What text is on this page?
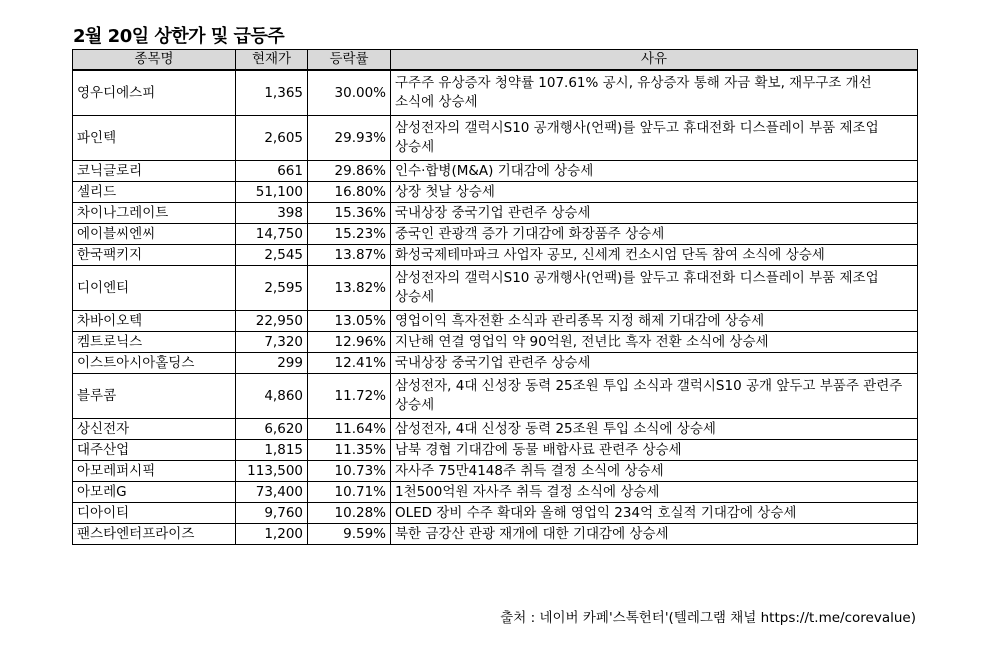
2월 20일 상한가 및 급등주
종목명	현재가	등락률	사유
영우디에스피	1,365	30.00%	구주주 유상증자 청약률 107.61% 공시, 유상증자 통해 자금 확보, 재무구조 개선 소식에 상승세
파인텍	2,605	29.93%	삼성전자의 갤럭시S10 공개행사(언팩)를 앞두고 휴대전화 디스플레이 부품 제조업 상승세
코닉글로리	661	29.86%	인수·합병(M&A) 기대감에 상승세
셀리드	51,100	16.80%	상장 첫날 상승세
차이나그레이트	398	15.36%	국내상장 중국기업 관련주 상승세
에이블씨엔씨	14,750	15.23%	중국인 관광객 증가 기대감에 화장품주 상승세
한국팩키지	2,545	13.87%	화성국제테마파크 사업자 공모, 신세계 컨소시엄 단독 참여 소식에 상승세
디이엔티	2,595	13.82%	삼성전자의 갤럭시S10 공개행사(언팩)를 앞두고 휴대전화 디스플레이 부품 제조업 상승세
차바이오텍	22,950	13.05%	영업이익 흑자전환 소식과 관리종목 지정 해제 기대감에 상승세
켐트로닉스	7,320	12.96%	지난해 연결 영업익 약 90억원, 전년比 흑자 전환 소식에 상승세
이스트아시아홀딩스	299	12.41%	국내상장 중국기업 관련주 상승세
블루콤	4,860	11.72%	삼성전자, 4대 신성장 동력 25조원 투입 소식과 갤럭시S10 공개 앞두고 부품주 관련주 상승세
상신전자	6,620	11.64%	삼성전자, 4대 신성장 동력 25조원 투입 소식에 상승세
대주산업	1,815	11.35%	남북 경협 기대감에 동물 배합사료 관련주 상승세
아모레퍼시픽	113,500	10.73%	자사주 75만4148주 취득 결정 소식에 상승세
아모레G	73,400	10.71%	1천500억원 자사주 취득 결정 소식에 상승세
디아이티	9,760	10.28%	OLED 장비 수주 확대와 올해 영업익 234억 호실적 기대감에 상승세
팬스타엔터프라이즈	1,200	9.59%	북한 금강산 관광 재개에 대한 기대감에 상승세
출처 : 네이버 카페'스톡헌터'(텔레그램 채널 https://t.me/corevalue)
